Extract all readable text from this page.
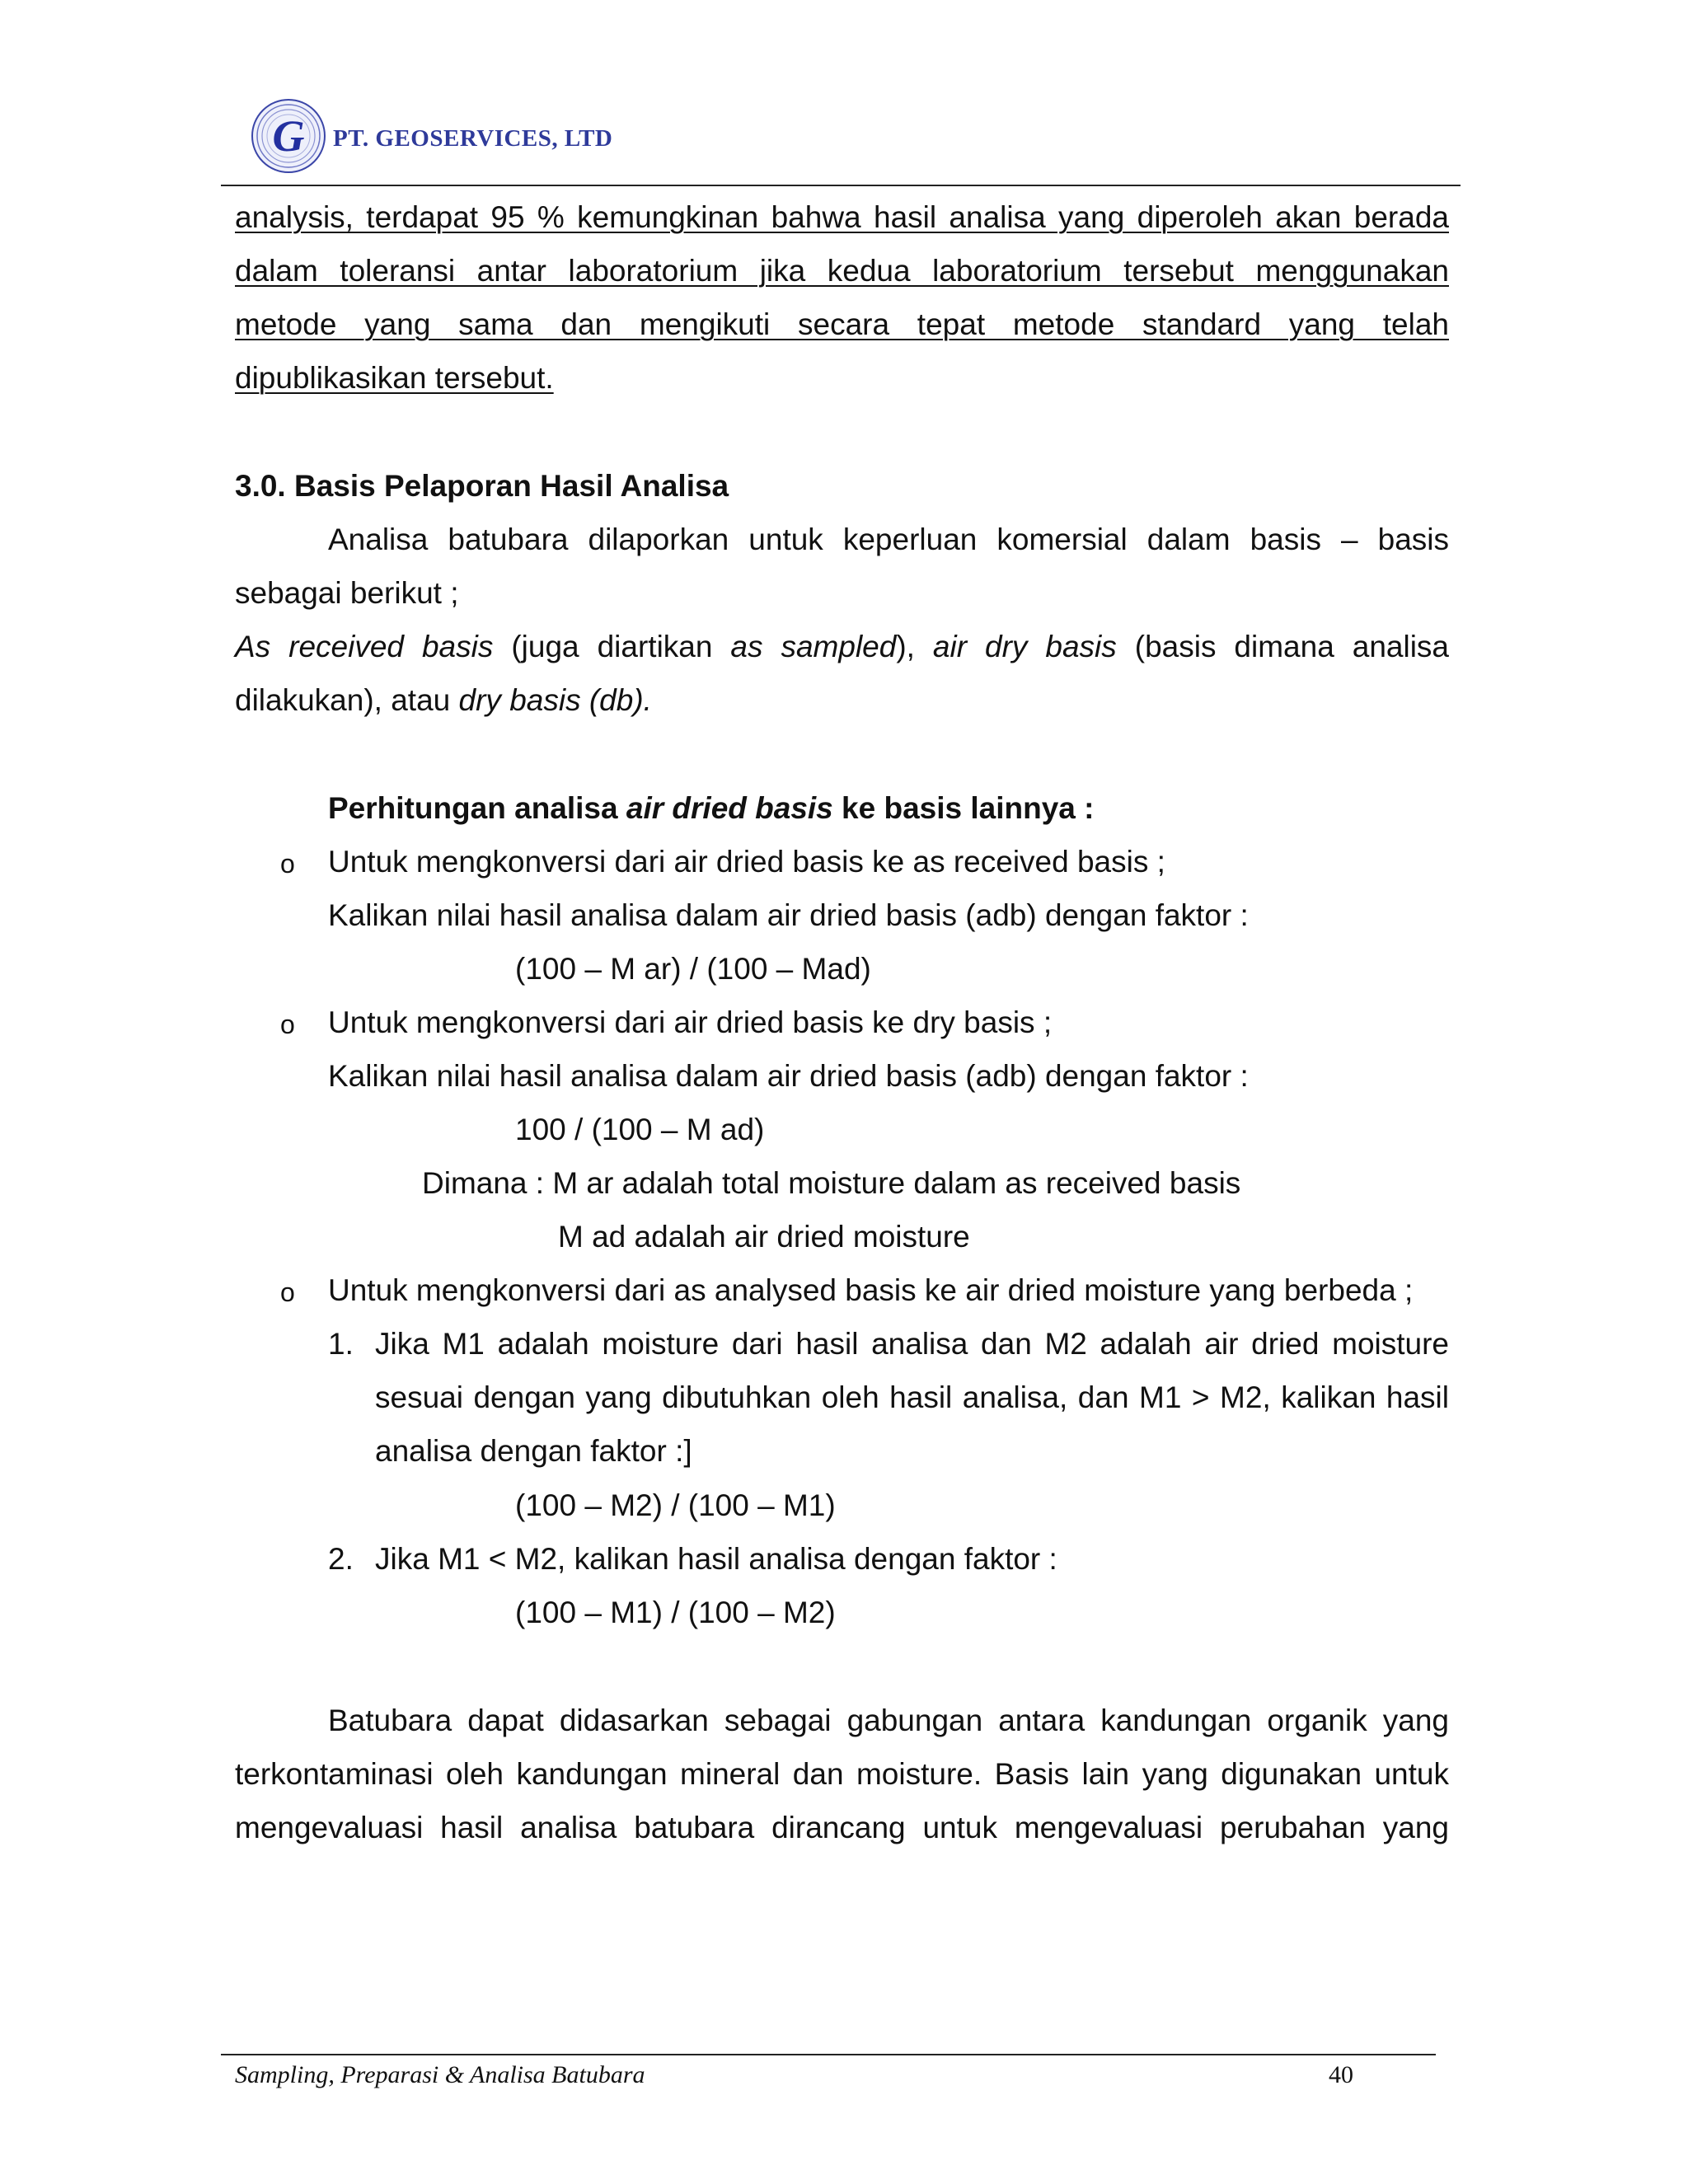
G PT. GEOSERVICES, LTD
analysis, terdapat 95 % kemungkinan bahwa hasil analisa yang diperoleh akan berada
dalam toleransi antar laboratorium jika kedua laboratorium tersebut menggunakan
metode yang sama dan mengikuti secara tepat metode standard yang telah
dipublikasikan tersebut.
3.0. Basis Pelaporan Hasil Analisa
Analisa batubara dilaporkan untuk keperluan komersial dalam basis – basis
sebagai berikut ;
As received basis (juga diartikan as sampled), air dry basis (basis dimana analisa
dilakukan), atau dry basis (db).
Perhitungan analisa air dried basis ke basis lainnya :
o Untuk mengkonversi dari air dried basis ke as received basis ;
Kalikan nilai hasil analisa dalam air dried basis (adb) dengan faktor :
(100 – M ar) / (100 – Mad)
o Untuk mengkonversi dari air dried basis ke dry basis ;
Kalikan nilai hasil analisa dalam air dried basis (adb) dengan faktor :
100 / (100 – M ad)
Dimana : M ar adalah total moisture dalam as received basis
M ad adalah air dried moisture
o Untuk mengkonversi dari as analysed basis ke air dried moisture yang berbeda ;
1. Jika M1 adalah moisture dari hasil analisa dan M2 adalah air dried moisture
sesuai dengan yang dibutuhkan oleh hasil analisa, dan M1 > M2, kalikan hasil
analisa dengan faktor :]
(100 – M2) / (100 – M1)
2. Jika M1 < M2, kalikan hasil analisa dengan faktor :
(100 – M1) / (100 – M2)
Batubara dapat didasarkan sebagai gabungan antara kandungan organik yang
terkontaminasi oleh kandungan mineral dan moisture. Basis lain yang digunakan untuk
mengevaluasi hasil analisa batubara dirancang untuk mengevaluasi perubahan yang
Sampling, Preparasi & Analisa Batubara	40
